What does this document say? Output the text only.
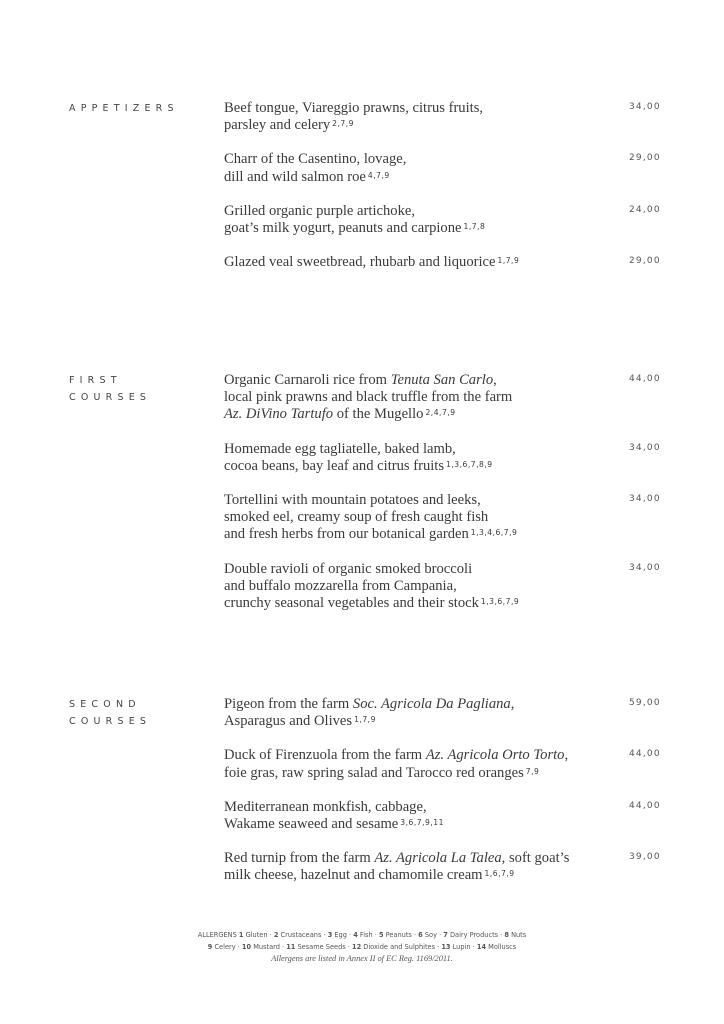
APPETIZERS	Beef tongue, Viareggio prawns, citrus fruits,
parsley and celery $^{2,7,9}$
34,00
Charr of the Casentino, lovage,
dill and wild salmon roe $^{4,7,9}$
29,00
Grilled organic purple artichoke,
goat’s milk yogurt, peanuts and carpione $^{1,7,8}$
24,00
Glazed veal sweetbread, rhubarb and liquorice $^{1,7,9}$	29,00
FIRST
COURSES
Organic Carnaroli rice from Tenuta San Carlo,
local pink prawns and black truffle from the farm
Az. DiVino Tartufo of the Mugello $^{2,4,7,9}$
44,00
Homemade egg tagliatelle, baked lamb,
cocoa beans, bay leaf and citrus fruits $^{1,3,6,7,8,9}$
34,00
Tortellini with mountain potatoes and leeks,
smoked eel, creamy soup of fresh caught fish
and fresh herbs from our botanical garden $^{1,3,4,6,7,9}$
34,00
Double ravioli of organic smoked broccoli
and buffalo mozzarella from Campania,
crunchy seasonal vegetables and their stock $^{1,3,6,7,9}$
34,00
SECOND
COURSES
Pigeon from the farm Soc. Agricola Da Pagliana,
Asparagus and Olives $^{1,7,9}$
59,00
Duck of Firenzuola from the farm Az. Agricola Orto Torto,
foie gras, raw spring salad and Tarocco red oranges $^{7,9}$
44,00
Mediterranean monkfish, cabbage,
Wakame seaweed and sesame $^{3,6,7,9,11}$
44,00
Red turnip from the farm Az. Agricola La Talea, soft goat’s
milk cheese, hazelnut and chamomile cream $^{1,6,7,9}$
39,00
ALLERGENS 1 Gluten · 2 Crustaceans · 3 Egg · 4 Fish · 5 Peanuts · 6 Soy · 7 Dairy Products · 8 Nuts
9 Celery · 10 Mustard · 11 Sesame Seeds · 12 Dioxide and Sulphites · 13 Lupin · 14 Molluscs
Allergens are listed in Annex II of EC Reg. 1169/2011.
